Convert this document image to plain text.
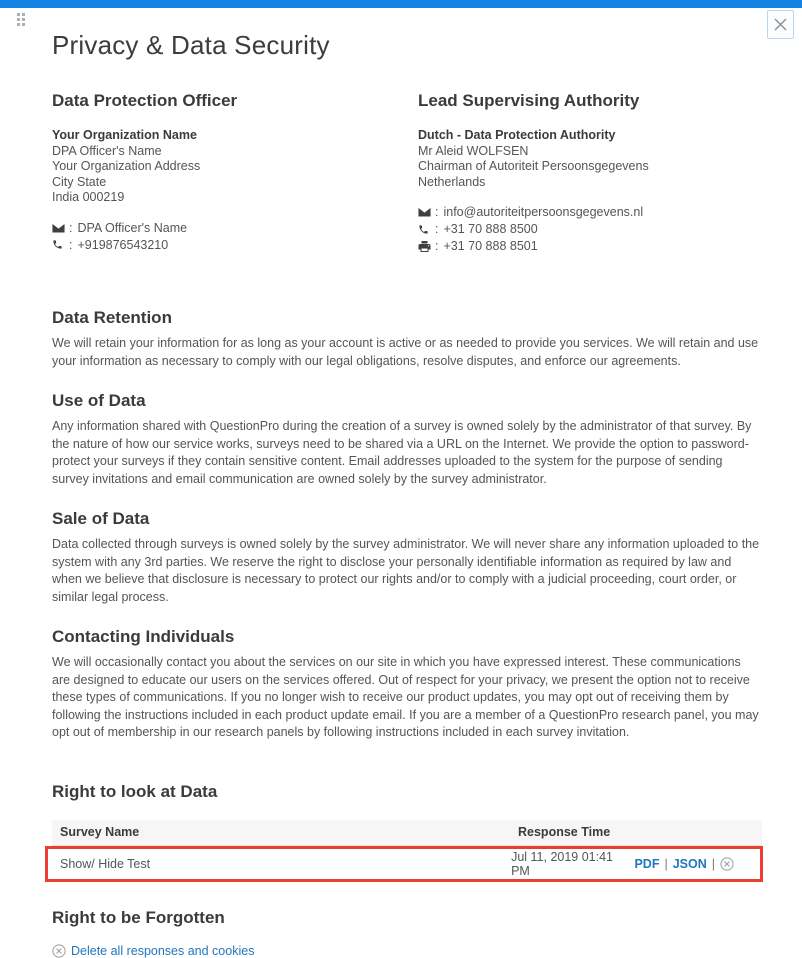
Privacy & Data Security
Data Protection Officer
Your Organization Name
DPA Officer's Name
Your Organization Address
City State
India 000219
: DPA Officer's Name
: +919876543210
Lead Supervising Authority
Dutch - Data Protection Authority
Mr Aleid WOLFSEN
Chairman of Autoriteit Persoonsgegevens
Netherlands
: info@autoriteitpersoonsgegevens.nl
: +31 70 888 8500
: +31 70 888 8501
Data Retention

We will retain your information for as long as your account is active or as needed to provide you services. We will retain and use your information as necessary to comply with our legal obligations, resolve disputes, and enforce our agreements.

Use of Data

Any information shared with QuestionPro during the creation of a survey is owned solely by the administrator of that survey. By the nature of how our service works, surveys need to be shared via a URL on the Internet. We provide the option to password-protect your surveys if they contain sensitive content. Email addresses uploaded to the system for the purpose of sending survey invitations and email communication are owned solely by the survey administrator.

Sale of Data

Data collected through surveys is owned solely by the survey administrator. We will never share any information uploaded to the system with any 3rd parties. We reserve the right to disclose your personally identifiable information as required by law and when we believe that disclosure is necessary to protect our rights and/or to comply with a judicial proceeding, court order, or similar legal process.

Contacting Individuals

We will occasionally contact you about the services on our site in which you have expressed interest. These communications are designed to educate our users on the services offered. Out of respect for your privacy, we present the option not to receive these types of communications. If you no longer wish to receive our product updates, you may opt out of receiving them by following the instructions included in each product update email. If you are a member of a QuestionPro research panel, you may opt out of membership in our research panels by following instructions included in each survey invitation.

Right to look at Data
Survey Name	Response Time
Show/ Hide Test	Jul 11, 2019 01:41 PM	PDF | JSON |
Right to be Forgotten
Delete all responses and cookies
